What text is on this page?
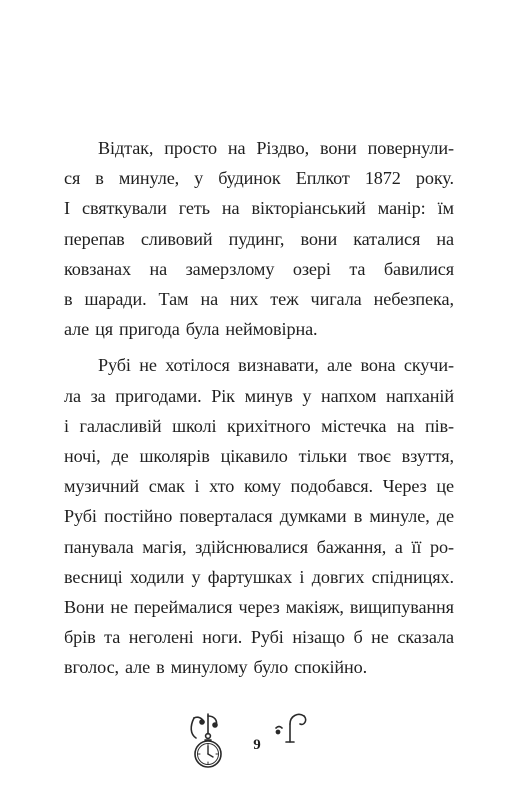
Відтак, просто на Різдво, вони повернули-
ся в минуле, у будинок Еплкот 1872 року.
І святкували геть на вікторіанський манір: їм
перепав сливовий пудинг, вони каталися на
ковзанах на замерзлому озері та бавилися
в шаради. Там на них теж чигала небезпека,
але ця пригода була неймовірна.
Рубі не хотілося визнавати, але вона скучи-
ла за пригодами. Рік минув у напхом напханій
і галасливій школі крихітного містечка на пів-
ночі, де школярів цікавило тільки твоє взуття,
музичний смак і хто кому подобався. Через це
Рубі постійно поверталася думками в минуле, де
панувала магія, здійснювалися бажання, а її ро-
весниці ходили у фартушках і довгих спідницях.
Вони не переймалися через макіяж, вищипування
брів та неголені ноги. Рубі нізащо б не сказала
вголос, але в минулому було спокійно.
9
